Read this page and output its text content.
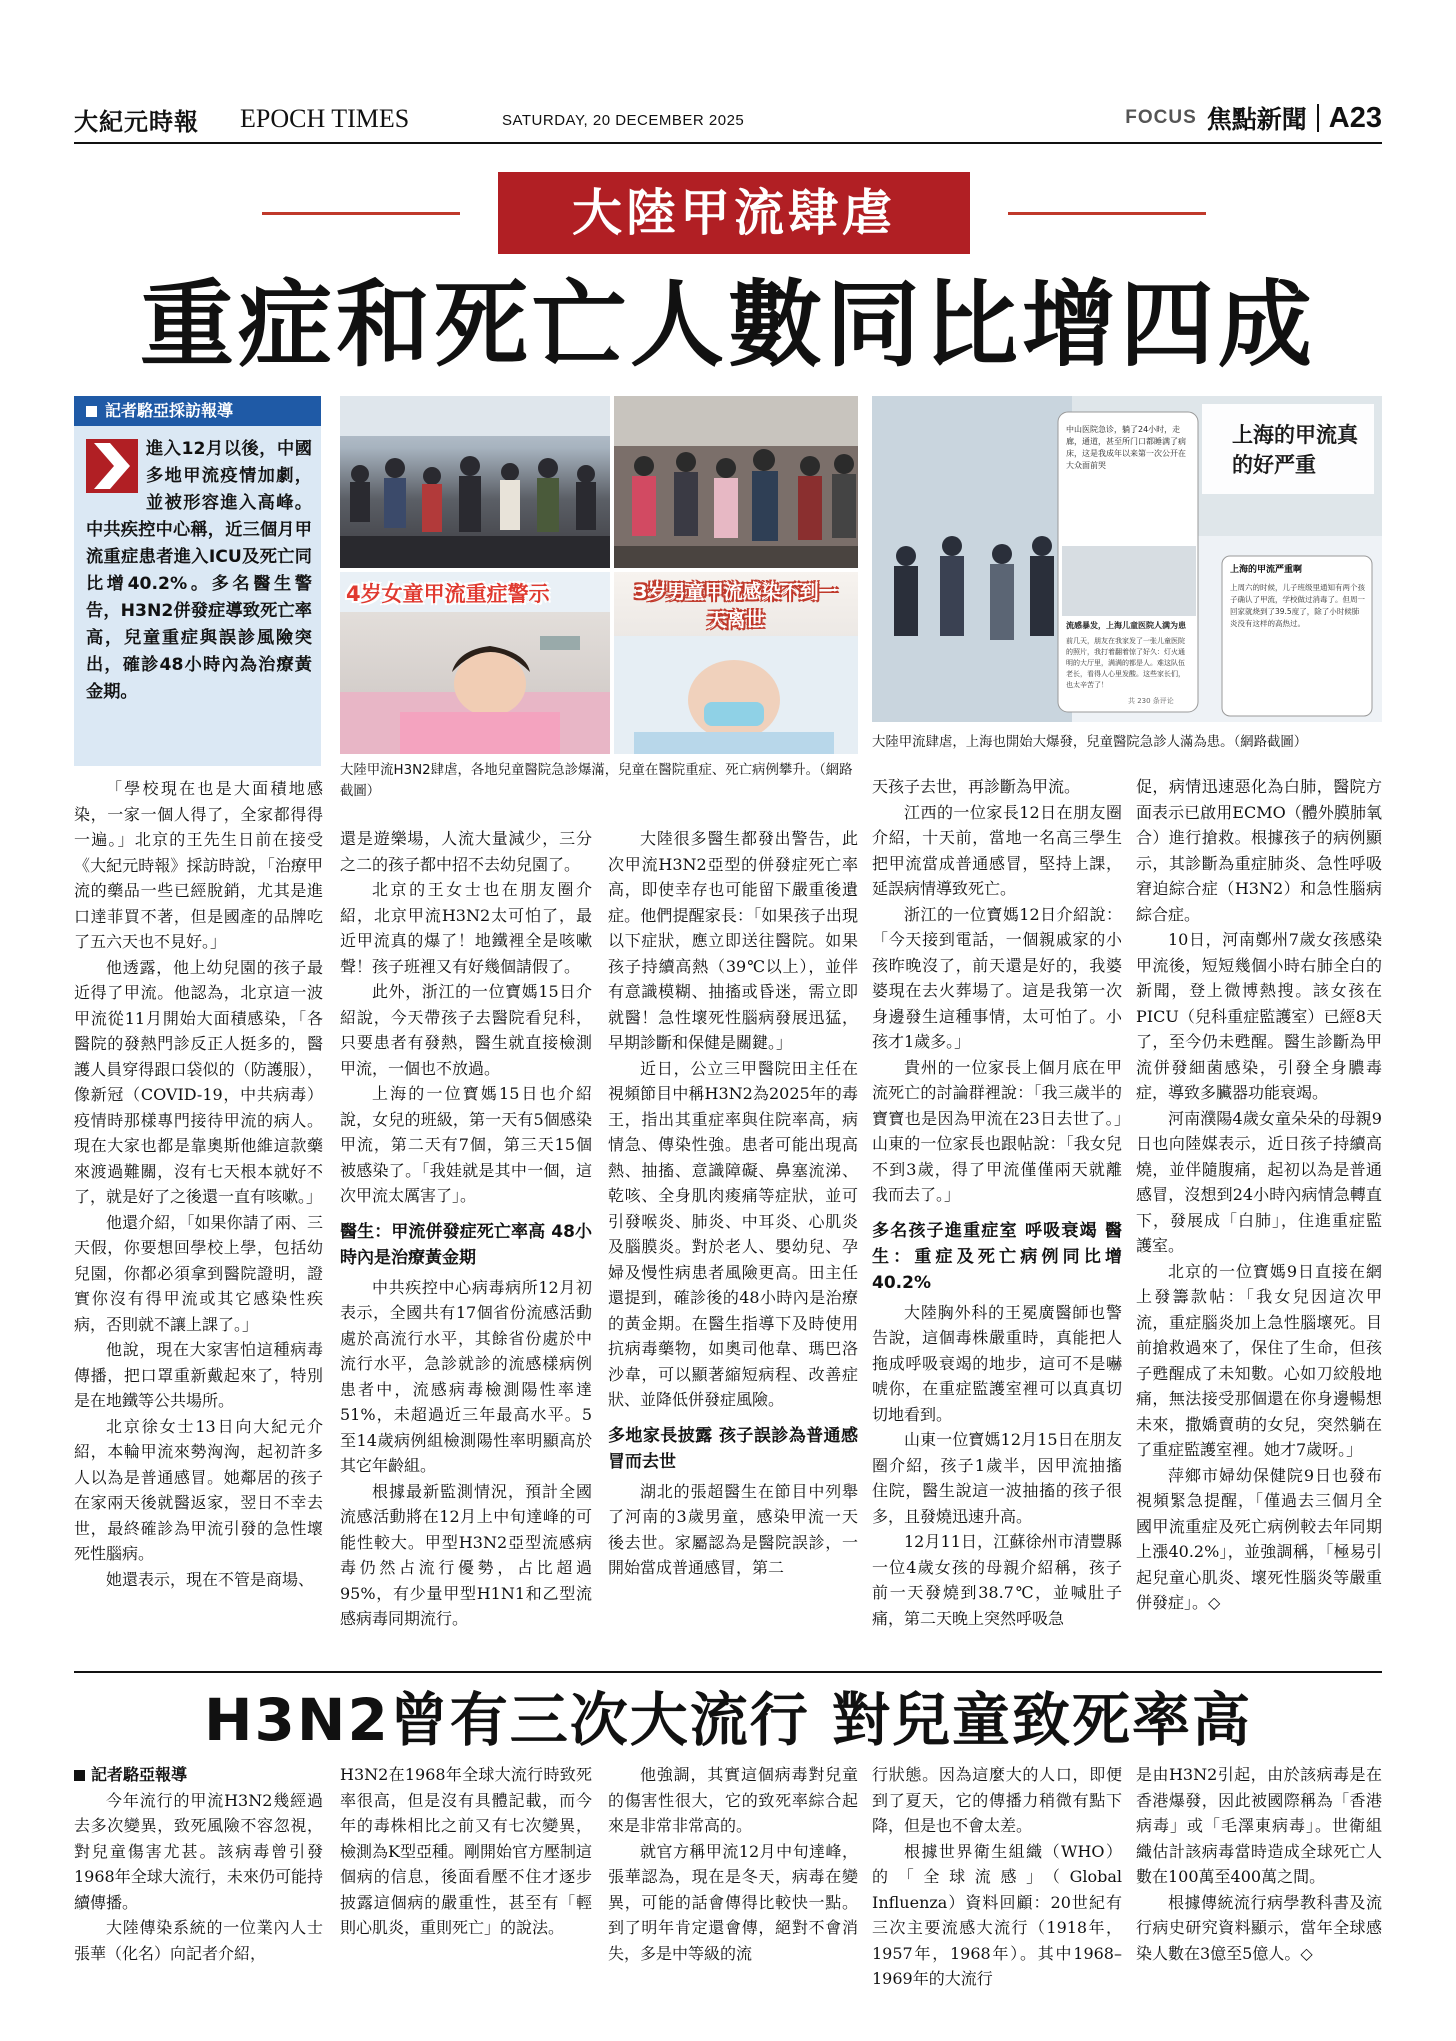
大紀元時報 EPOCH TIMES	SATURDAY, 20 DECEMBER 2025	FOCUS 焦點新聞 A23
大陸甲流肆虐
重症和死亡人數同比增四成
記者駱亞採訪報導
進入12月以後，中國多地甲流疫情加劇，並被形容進入高峰。中共疾控中心稱，近三個月甲流重症患者進入ICU及死亡同比增40.2%。多名醫生警告，H3N2併發症導致死亡率高，兒童重症與誤診風險突出，確診48小時內為治療黃金期。
4岁女童甲流重症警示	3岁男童甲流感染不到一天离世
大陸甲流H3N2肆虐，各地兒童醫院急診爆滿，兒童在醫院重症、死亡病例攀升。（網路截圖）
上海的甲流真的好严重
中山医院急诊，躺了24小时，走廊，通道，甚至所门口都睡满了病床，这是我成年以来第一次公开在大众面前哭
流感暴发，上海儿童医院人满为患
前几天，朋友在我家发了一张儿童医院的照片，我打着翻着惊了好久：灯火通明的大厅里，满满的都是人。难这队伍老长，看得人心里发酸。这些家长们，也太辛苦了！
共 230 条评论
上海的甲流严重啊
上周六的时候，儿子班级里通知有两个孩子确认了甲流，学校做过消毒了。但周一回家就烧到了39.5度了，除了小时候肺炎没有这样的高热过。
大陸甲流肆虐，上海也開始大爆發，兒童醫院急診人滿為患。（網路截圖）

「學校現在也是大面積地感染，一家一個人得了，全家都得得一遍。」北京的王先生日前在接受《大紀元時報》採訪時說，「治療甲流的藥品一些已經脫銷，尤其是進口達菲買不著，但是國產的品牌吃了五六天也不見好。」

他透露，他上幼兒園的孩子最近得了甲流。他認為，北京這一波甲流從11月開始大面積感染，「各醫院的發熱門診反正人挺多的，醫護人員穿得跟口袋似的（防護服），像新冠（COVID-19，中共病毒）疫情時那樣專門接待甲流的病人。現在大家也都是靠奧斯他維這款藥來渡過難關，沒有七天根本就好不了，就是好了之後還一直有咳嗽。」

他還介紹，「如果你請了兩、三天假，你要想回學校上學，包括幼兒園，你都必須拿到醫院證明，證實你沒有得甲流或其它感染性疾病，否則就不讓上課了。」

他說，現在大家害怕這種病毒傳播，把口罩重新戴起來了，特別是在地鐵等公共場所。

北京徐女士13日向大紀元介紹，本輪甲流來勢洶洶，起初許多人以為是普通感冒。她鄰居的孩子在家兩天後就醫返家，翌日不幸去世，最終確診為甲流引發的急性壞死性腦病。

她還表示，現在不管是商場、

還是遊樂場，人流大量減少，三分之二的孩子都中招不去幼兒園了。

北京的王女士也在朋友圈介紹，北京甲流H3N2太可怕了，最近甲流真的爆了！地鐵裡全是咳嗽聲！孩子班裡又有好幾個請假了。

此外，浙江的一位寶媽15日介紹說，今天帶孩子去醫院看兒科，只要患者有發熱，醫生就直接檢測甲流，一個也不放過。

上海的一位寶媽15日也介紹說，女兒的班級，第一天有5個感染甲流，第二天有7個，第三天15個被感染了。「我娃就是其中一個，這次甲流太厲害了」。

醫生：甲流併發症死亡率高 48小時內是治療黃金期

中共疾控中心病毒病所12月初表示，全國共有17個省份流感活動處於高流行水平，其餘省份處於中流行水平，急診就診的流感樣病例患者中，流感病毒檢測陽性率達51%，未超過近三年最高水平。5至14歲病例組檢測陽性率明顯高於其它年齡組。

根據最新監測情況，預計全國流感活動將在12月上中旬達峰的可能性較大。甲型H3N2亞型流感病毒仍然占流行優勢，占比超過95%，有少量甲型H1N1和乙型流感病毒同期流行。

大陸很多醫生都發出警告，此次甲流H3N2亞型的併發症死亡率高，即使幸存也可能留下嚴重後遺症。他們提醒家長：「如果孩子出現以下症狀，應立即送往醫院。如果孩子持續高熱（39℃以上），並伴有意識模糊、抽搐或昏迷，需立即就醫！急性壞死性腦病發展迅猛，早期診斷和保健是關鍵。」

近日，公立三甲醫院田主任在視頻節目中稱H3N2為2025年的毒王，指出其重症率與住院率高，病情急、傳染性強。患者可能出現高熱、抽搐、意識障礙、鼻塞流涕、乾咳、全身肌肉痠痛等症狀，並可引發喉炎、肺炎、中耳炎、心肌炎及腦膜炎。對於老人、嬰幼兒、孕婦及慢性病患者風險更高。田主任還提到，確診後的48小時內是治療的黃金期。在醫生指導下及時使用抗病毒藥物，如奧司他韋、瑪巴洛沙韋，可以顯著縮短病程、改善症狀、並降低併發症風險。

多地家長披露 孩子誤診為普通感冒而去世

湖北的張超醫生在節目中列舉了河南的3歲男童，感染甲流一天後去世。家屬認為是醫院誤診，一開始當成普通感冒，第二

天孩子去世，再診斷為甲流。

江西的一位家長12日在朋友圈介紹，十天前，當地一名高三學生把甲流當成普通感冒，堅持上課，延誤病情導致死亡。

浙江的一位寶媽12日介紹說：「今天接到電話，一個親戚家的小孩昨晚沒了，前天還是好的，我婆婆現在去火葬場了。這是我第一次身邊發生這種事情，太可怕了。小孩才1歲多。」

貴州的一位家長上個月底在甲流死亡的討論群裡說：「我三歲半的寶寶也是因為甲流在23日去世了。」山東的一位家長也跟帖說：「我女兒不到3歲，得了甲流僅僅兩天就離我而去了。」

多名孩子進重症室 呼吸衰竭 醫生：重症及死亡病例同比增40.2%

大陸胸外科的王冕廣醫師也警告說，這個毒株嚴重時，真能把人拖成呼吸衰竭的地步，這可不是嚇唬你，在重症監護室裡可以真真切切地看到。

山東一位寶媽12月15日在朋友圈介紹，孩子1歲半，因甲流抽搐住院，醫生說這一波抽搐的孩子很多，且發燒迅速升高。

12月11日，江蘇徐州市清豐縣一位4歲女孩的母親介紹稱，孩子前一天發燒到38.7℃，並喊肚子痛，第二天晚上突然呼吸急

促，病情迅速惡化為白肺，醫院方面表示已啟用ECMO（體外膜肺氧合）進行搶救。根據孩子的病例顯示，其診斷為重症肺炎、急性呼吸窘迫綜合症（H3N2）和急性腦病綜合症。

10日，河南鄭州7歲女孩感染甲流後，短短幾個小時右肺全白的新聞，登上微博熱搜。該女孩在PICU（兒科重症監護室）已經8天了，至今仍未甦醒。醫生診斷為甲流併發細菌感染，引發全身膿毒症，導致多臟器功能衰竭。

河南濮陽4歲女童朵朵的母親9日也向陸媒表示，近日孩子持續高燒，並伴隨腹痛，起初以為是普通感冒，沒想到24小時內病情急轉直下，發展成「白肺」，住進重症監護室。

北京的一位寶媽9日直接在網上發籌款帖：「我女兒因這次甲流，重症腦炎加上急性腦壞死。目前搶救過來了，保住了生命，但孩子甦醒成了未知數。心如刀絞般地痛，無法接受那個還在你身邊暢想未來，撒嬌賣萌的女兒，突然躺在了重症監護室裡。她才7歲呀。」

萍鄉市婦幼保健院9日也發布視頻緊急提醒，「僅過去三個月全國甲流重症及死亡病例較去年同期上漲40.2%」，並強調稱，「極易引起兒童心肌炎、壞死性腦炎等嚴重併發症」。◇

H3N2曾有三次大流行 對兒童致死率高
記者駱亞報導

今年流行的甲流H3N2幾經過去多次變異，致死風險不容忽視，對兒童傷害尤甚。該病毒曾引發1968年全球大流行，未來仍可能持續傳播。

大陸傳染系統的一位業內人士張華（化名）向記者介紹，

H3N2在1968年全球大流行時致死率很高，但是沒有具體記載，而今年的毒株相比之前又有七次變異，檢測為K型亞種。剛開始官方壓制這個病的信息，後面看壓不住才逐步披露這個病的嚴重性，甚至有「輕則心肌炎，重則死亡」的說法。

他強調，其實這個病毒對兒童的傷害性很大，它的致死率綜合起來是非常非常高的。

就官方稱甲流12月中旬達峰，張華認為，現在是冬天，病毒在變異，可能的話會傳得比較快一點。到了明年肯定還會傳，絕對不會消失，多是中等級的流

行狀態。因為這麼大的人口，即便到了夏天，它的傳播力稍微有點下降，但是也不會太差。

根據世界衛生組織（WHO）的「全球流感」（Global Influenza）資料回顧：20世紀有三次主要流感大流行（1918年，1957年，1968年）。其中1968–1969年的大流行

是由H3N2引起，由於該病毒是在香港爆發，因此被國際稱為「香港病毒」或「毛澤東病毒」。世衛組織估計該病毒當時造成全球死亡人數在100萬至400萬之間。

根據傳統流行病學教科書及流行病史研究資料顯示，當年全球感染人數在3億至5億人。◇
